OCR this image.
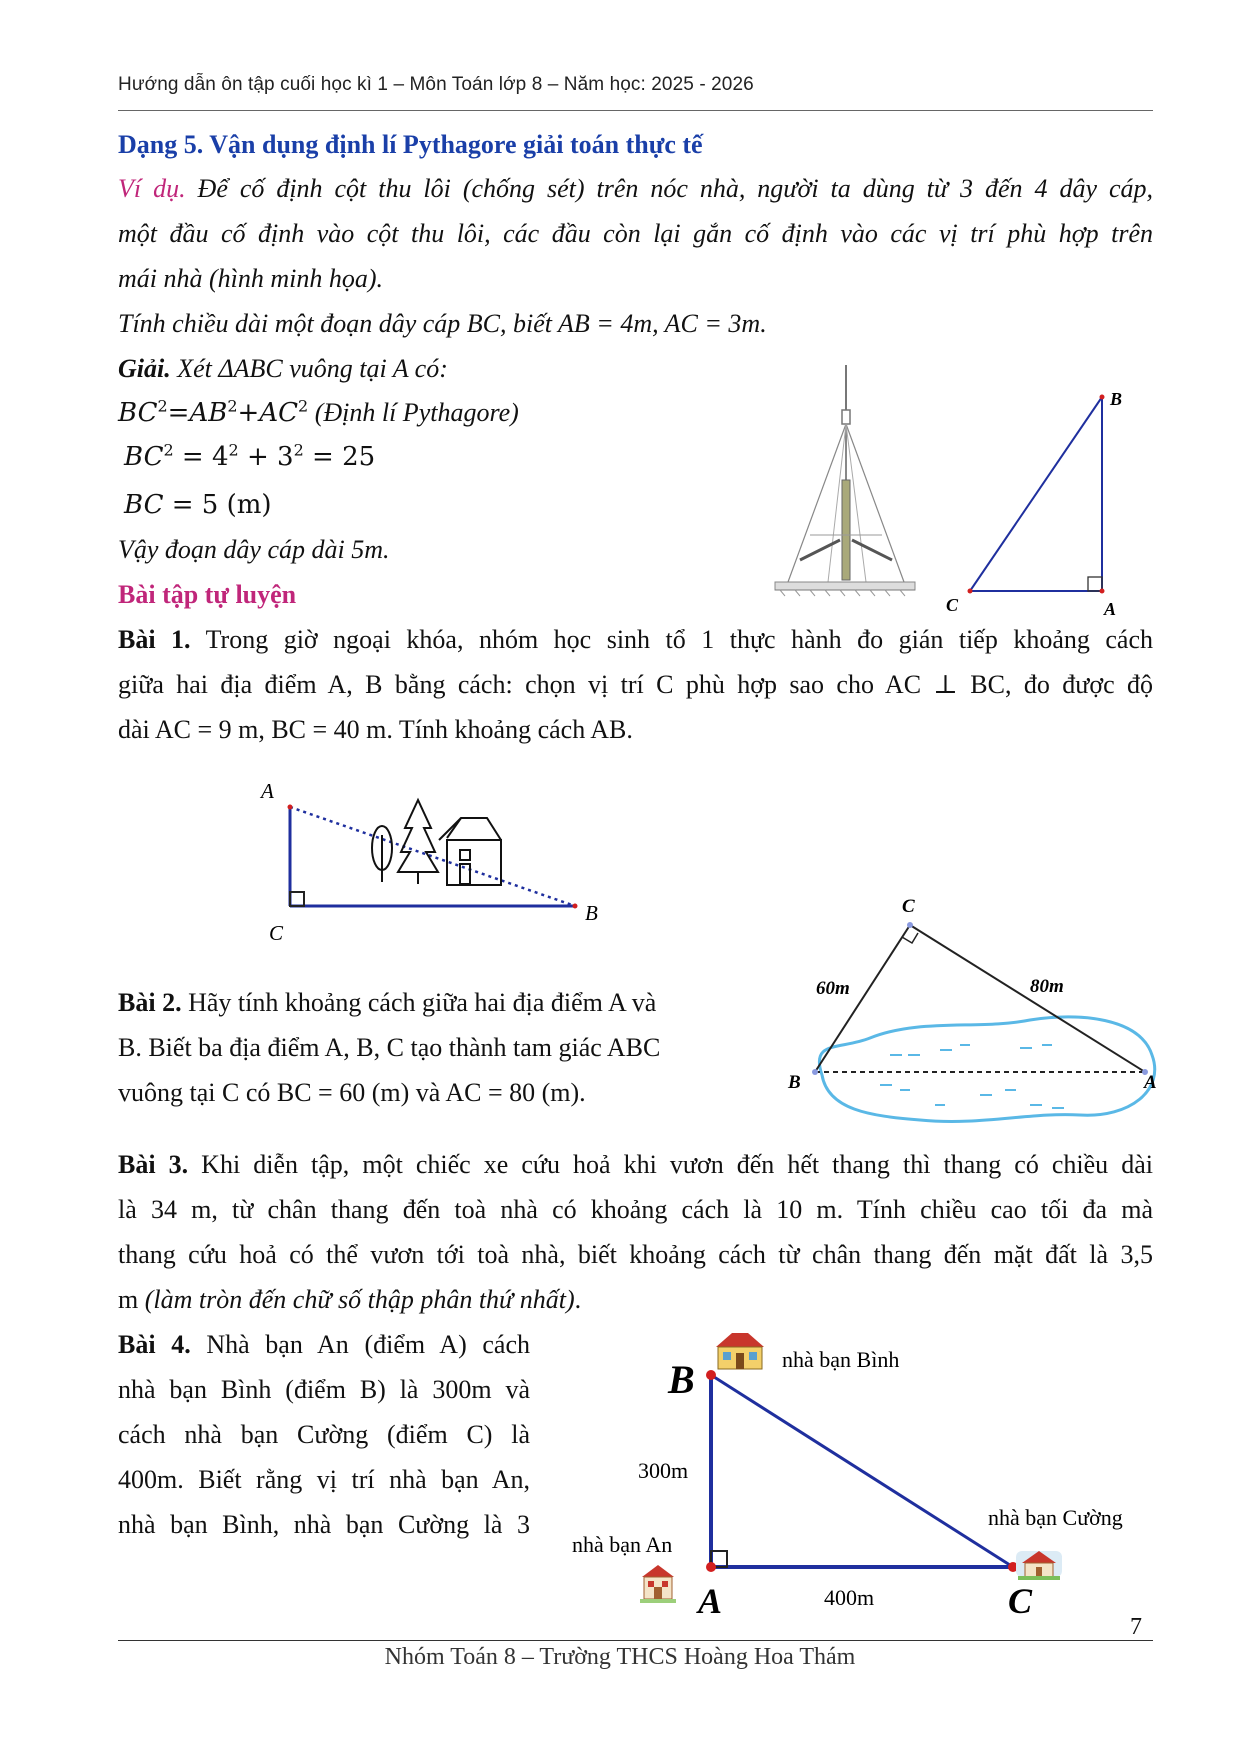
Hướng dẫn ôn tập cuối học kì 1 – Môn Toán lớp 8 – Năm học: 2025 - 2026
Dạng 5. Vận dụng định lí Pythagore giải toán thực tế
Ví dụ. Để cố định cột thu lôi (chống sét) trên nóc nhà, người ta dùng từ 3 đến 4 dây cáp,
một đầu cố định vào cột thu lôi, các đầu còn lại gắn cố định vào các vị trí phù hợp trên
mái nhà (hình minh họa).
Tính chiều dài một đoạn dây cáp BC, biết AB = 4m, AC = 3m.
Giải. Xét ΔABC vuông tại A có:
$BC^2=AB^2+AC^2$ (Định lí Pythagore)
$BC^2 = 4^2 + 3^2 = 25$
BC = 5 (m)
Vậy đoạn dây cáp dài 5m.
B
C	A
Bài tập tự luyện
Bài 1. Trong giờ ngoại khóa, nhóm học sinh tổ 1 thực hành đo gián tiếp khoảng cách
giữa hai địa điểm A, B bằng cách: chọn vị trí C phù hợp sao cho AC ⊥ BC, đo được độ
dài AC = 9 m, BC = 40 m. Tính khoảng cách AB.
A
B
C
Bài 2. Hãy tính khoảng cách giữa hai địa điểm A và
B. Biết ba địa điểm A, B, C tạo thành tam giác ABC
vuông tại C có BC = 60 (m) và AC = 80 (m).
C
B	A
60m	80m
Bài 3. Khi diễn tập, một chiếc xe cứu hoả khi vươn đến hết thang thì thang có chiều dài
là 34 m, từ chân thang đến toà nhà có khoảng cách là 10 m. Tính chiều cao tối đa mà
thang cứu hoả có thể vươn tới toà nhà, biết khoảng cách từ chân thang đến mặt đất là 3,5
m (làm tròn đến chữ số thập phân thứ nhất).
Bài 4. Nhà bạn An (điểm A) cách
nhà bạn Bình (điểm B) là 300m và
cách nhà bạn Cường (điểm C) là
400m. Biết rằng vị trí nhà bạn An,
nhà bạn Bình, nhà bạn Cường là 3
B
A	C
nhà bạn Bình
nhà bạn An
nhà bạn Cường
300m
400m
7
Nhóm Toán 8 – Trường THCS Hoàng Hoa Thám
